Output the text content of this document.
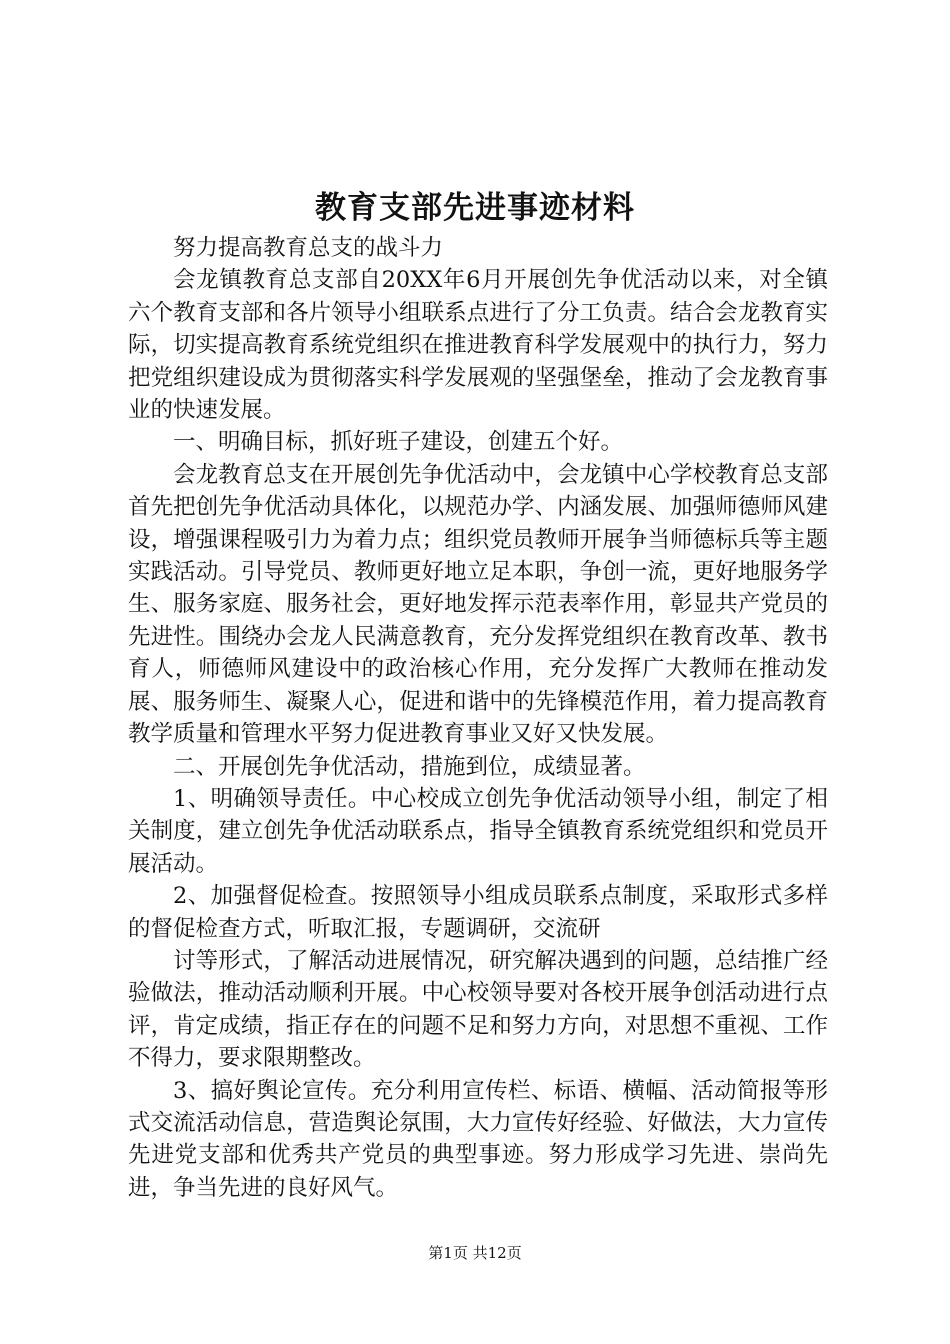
教育支部先进事迹材料

努力提高教育总支的战斗力

会龙镇教育总支部自20XX年6月开展创先争优活动以来，对全镇六个教育支部和各片领导小组联系点进行了分工负责。结合会龙教育实际，切实提高教育系统党组织在推进教育科学发展观中的执行力，努力把党组织建设成为贯彻落实科学发展观的坚强堡垒，推动了会龙教育事业的快速发展。

一、明确目标，抓好班子建设，创建五个好。

会龙教育总支在开展创先争优活动中，会龙镇中心学校教育总支部首先把创先争优活动具体化，以规范办学、内涵发展、加强师德师风建设，增强课程吸引力为着力点；组织党员教师开展争当师德标兵等主题实践活动。引导党员、教师更好地立足本职，争创一流，更好地服务学生、服务家庭、服务社会，更好地发挥示范表率作用，彰显共产党员的先进性。围绕办会龙人民满意教育，充分发挥党组织在教育改革、教书育人，师德师风建设中的政治核心作用，充分发挥广大教师在推动发展、服务师生、凝聚人心，促进和谐中的先锋模范作用，着力提高教育教学质量和管理水平努力促进教育事业又好又快发展。

二、开展创先争优活动，措施到位，成绩显著。

1、明确领导责任。中心校成立创先争优活动领导小组，制定了相关制度，建立创先争优活动联系点，指导全镇教育系统党组织和党员开展活动。

2、加强督促检查。按照领导小组成员联系点制度，采取形式多样的督促检查方式，听取汇报，专题调研，交流研

讨等形式，了解活动进展情况，研究解决遇到的问题，总结推广经验做法，推动活动顺利开展。中心校领导要对各校开展争创活动进行点评，肯定成绩，指正存在的问题不足和努力方向，对思想不重视、工作不得力，要求限期整改。

3、搞好舆论宣传。充分利用宣传栏、标语、横幅、活动简报等形式交流活动信息，营造舆论氛围，大力宣传好经验、好做法，大力宣传先进党支部和优秀共产党员的典型事迹。努力形成学习先进、崇尚先进，争当先进的良好风气。

第1页 共12页
